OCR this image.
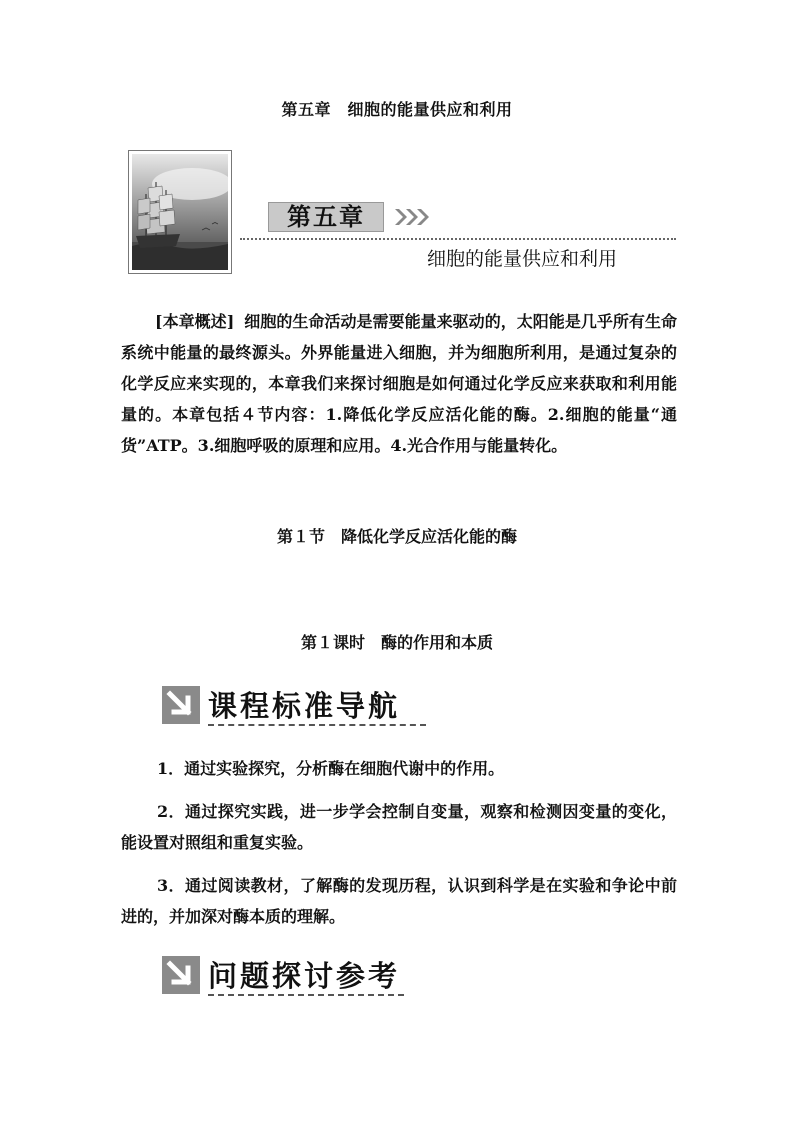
第五章　细胞的能量供应和利用
第五章
细胞的能量供应和利用
[本章概述] 细胞的生命活动是需要能量来驱动的，太阳能是几乎所有生命系统中能量的最终源头。外界能量进入细胞，并为细胞所利用，是通过复杂的化学反应来实现的，本章我们来探讨细胞是如何通过化学反应来获取和利用能量的。本章包括４节内容：1.降低化学反应活化能的酶。2.细胞的能量“通货”ATP。3.细胞呼吸的原理和应用。4.光合作用与能量转化。
第１节　降低化学反应活化能的酶
第１课时　酶的作用和本质
课程标准导航

1．通过实验探究，分析酶在细胞代谢中的作用。

2．通过探究实践，进一步学会控制自变量，观察和检测因变量的变化，能设置对照组和重复实验。

3．通过阅读教材，了解酶的发现历程，认识到科学是在实验和争论中前进的，并加深对酶本质的理解。

问题探讨参考
